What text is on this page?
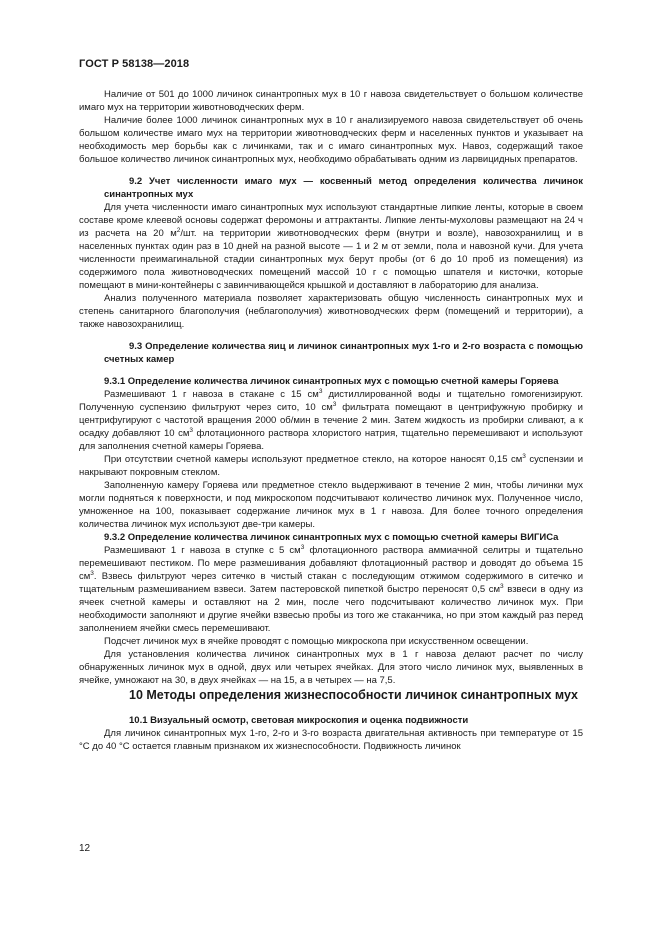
ГОСТ Р 58138—2018

Наличие от 501 до 1000 личинок синантропных мух в 10 г навоза свидетельствует о большом количестве имаго мух на территории животноводческих ферм.

Наличие более 1000 личинок синантропных мух в 10 г анализируемого навоза свидетельствует об очень большом количестве имаго мух на территории животноводческих ферм и населенных пунктов и указывает на необходимость мер борьбы как с личинками, так и с имаго синантропных мух. Навоз, содержащий такое большое количество личинок синантропных мух, необходимо обрабатывать одним из ларвицидных препаратов.

9.2 Учет численности имаго мух — косвенный метод определения количества личинок синантропных мух

Для учета численности имаго синантропных мух используют стандартные липкие ленты, которые в своем составе кроме клеевой основы содержат феромоны и аттрактанты. Липкие ленты-мухоловы размещают на 24 ч из расчета на 20 $м^2/шт$. на территории животноводческих ферм (внутри и возле), навозохранилищ и в населенных пунктах один раз в 10 дней на разной высоте — 1 и 2 м от земли, пола и навозной кучи. Для учета численности преимагинальной стадии синантропных мух берут пробы (от 6 до 10 проб из помещения) из содержимого пола животноводческих помещений массой 10 г с помощью шпателя и кисточки, которые помещают в мини-контейнеры с завинчивающейся крышкой и доставляют в лабораторию для анализа.

Анализ полученного материала позволяет характеризовать общую численность синантропных мух и степень санитарного благополучия (неблагополучия) животноводческих ферм (помещений и территории), а также навозохранилищ.

9.3 Определение количества яиц и личинок синантропных мух 1-го и 2-го возраста с помощью счетных камер

9.3.1 Определение количества личинок синантропных мух с помощью счетной камеры Горяева

Размешивают 1 г навоза в стакане с 15 $см^3$ дистиллированной воды и тщательно гомогенизируют. Полученную суспензию фильтруют через сито, 10 $см^3$ фильтрата помещают в центрифужную пробирку и центрифугируют с частотой вращения 2000 об/мин в течение 2 мин. Затем жидкость из пробирки сливают, а к осадку добавляют 10 $см^3$ флотационного раствора хлористого натрия, тщательно перемешивают и используют для заполнения счетной камеры Горяева.

При отсутствии счетной камеры используют предметное стекло, на которое наносят 0,15 $см^3$ суспензии и накрывают покровным стеклом.

Заполненную камеру Горяева или предметное стекло выдерживают в течение 2 мин, чтобы личинки мух могли подняться к поверхности, и под микроскопом подсчитывают количество личинок мух. Полученное число, умноженное на 100, показывает содержание личинок мух в 1 г навоза. Для более точного определения количества личинок мух используют две-три камеры.

9.3.2 Определение количества личинок синантропных мух с помощью счетной камеры ВИГИСа

Размешивают 1 г навоза в ступке с 5 $см^3$ флотационного раствора аммиачной селитры и тщательно перемешивают пестиком. По мере размешивания добавляют флотационный раствор и доводят до объема 15 $см^3$. Взвесь фильтруют через ситечко в чистый стакан с последующим отжимом содержимого в ситечко и тщательным размешиванием взвеси. Затем пастеровской пипеткой быстро переносят 0,5 $см^3$ взвеси в одну из ячеек счетной камеры и оставляют на 2 мин, после чего подсчитывают количество личинок мух. При необходимости заполняют и другие ячейки взвесью пробы из того же стаканчика, но при этом каждый раз перед заполнением ячейки смесь перемешивают.

Подсчет личинок мух в ячейке проводят с помощью микроскопа при искусственном освещении.

Для установления количества личинок синантропных мух в 1 г навоза делают расчет по числу обнаруженных личинок мух в одной, двух или четырех ячейках. Для этого число личинок мух, выявленных в ячейке, умножают на 30, в двух ячейках — на 15, а в четырех — на 7,5.

10 Методы определения жизнеспособности личинок синантропных мух

10.1 Визуальный осмотр, световая микроскопия и оценка подвижности

Для личинок синантропных мух 1-го, 2-го и 3-го возраста двигательная активность при температуре от 15 °С до 40 °С остается главным признаком их жизнеспособности. Подвижность личинок

12
